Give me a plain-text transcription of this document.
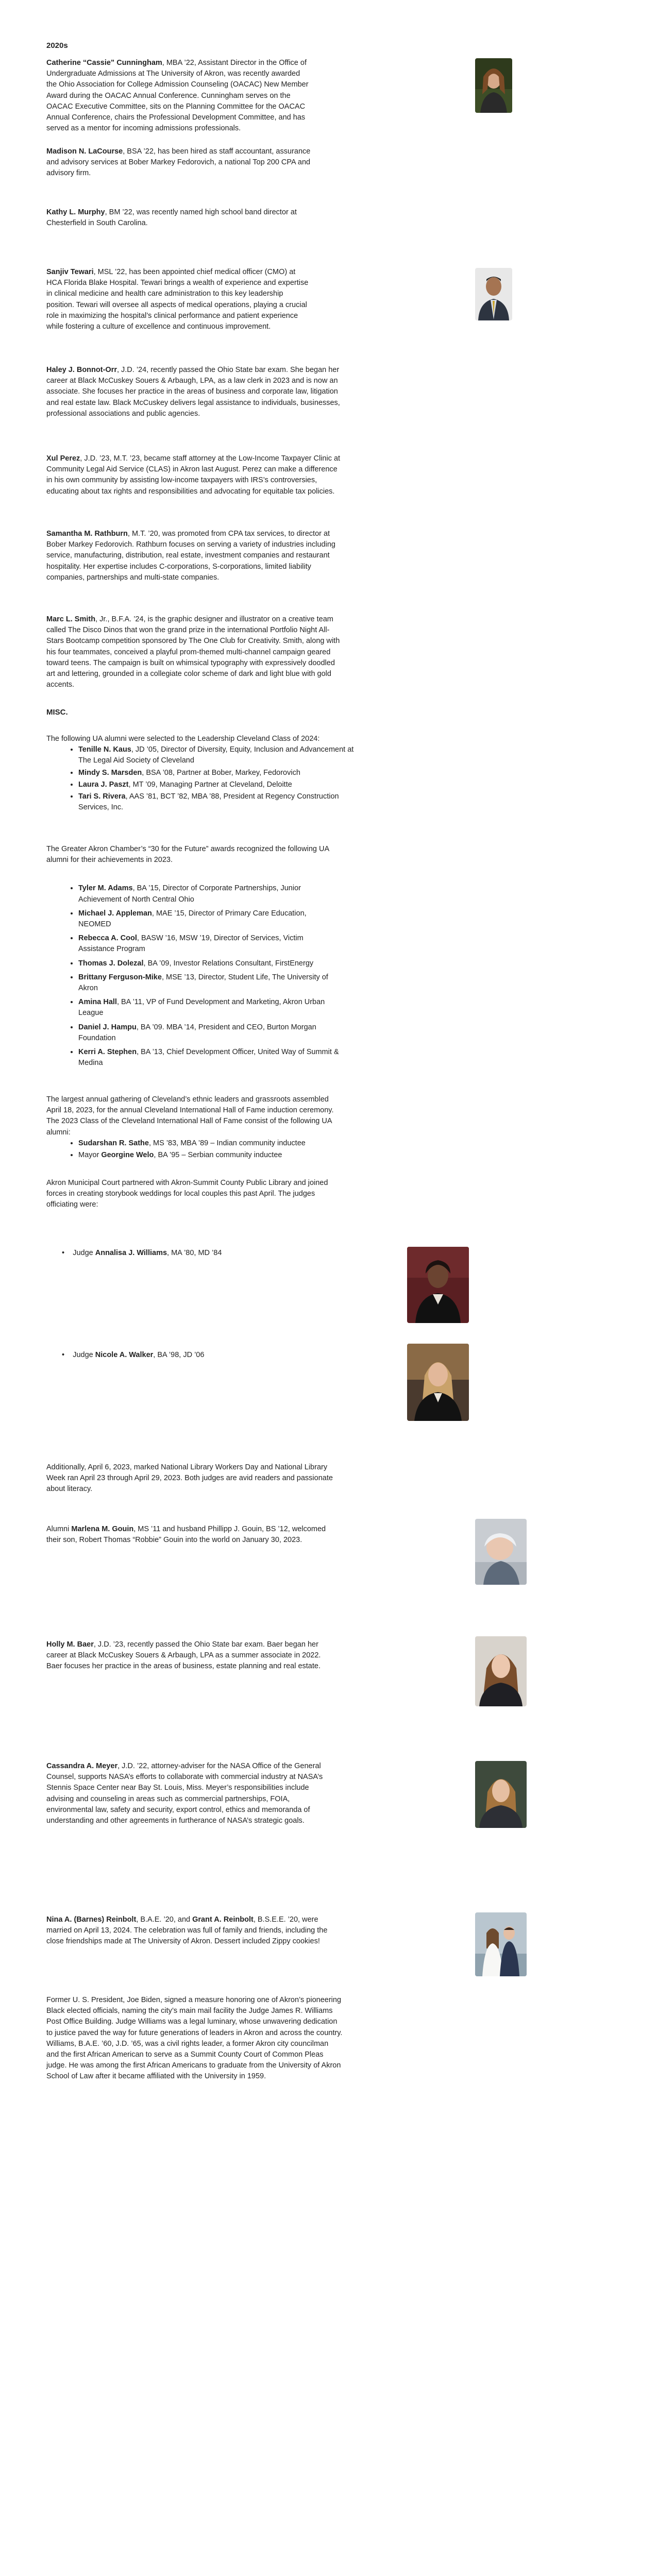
2020s

Catherine “Cassie” Cunningham, MBA ’22, Assistant Director in the Office of Undergraduate Admissions at The University of Akron, was recently awarded the Ohio Association for College Admission Counseling (OACAC) New Member Award during the OACAC Annual Conference. Cunningham serves on the OACAC Executive Committee, sits on the Planning Committee for the OACAC Annual Conference, chairs the Professional Development Committee, and has served as a mentor for incoming admissions professionals.

Madison N. LaCourse, BSA ’22, has been hired as staff accountant, assurance and advisory services at Bober Markey Fedorovich, a national Top 200 CPA and advisory firm.

Kathy L. Murphy, BM ’22, was recently named high school band director at Chesterfield in South Carolina.

Sanjiv Tewari, MSL ’22, has been appointed chief medical officer (CMO) at HCA Florida Blake Hospital. Tewari brings a wealth of experience and expertise in clinical medicine and health care administration to this key leadership position. Tewari will oversee all aspects of medical operations, playing a crucial role in maximizing the hospital’s clinical performance and patient experience while fostering a culture of excellence and continuous improvement.

Haley J. Bonnot-Orr, J.D. ’24, recently passed the Ohio State bar exam. She began her career at Black McCuskey Souers & Arbaugh, LPA, as a law clerk in 2023 and is now an associate. She focuses her practice in the areas of business and corporate law, litigation and real estate law. Black McCuskey delivers legal assistance to individuals, businesses, professional associations and public agencies.

Xul Perez, J.D. ’23, M.T. ’23, became staff attorney at the Low-Income Taxpayer Clinic at Community Legal Aid Service (CLAS) in Akron last August. Perez can make a difference in his own community by assisting low-income taxpayers with IRS’s controversies, educating about tax rights and responsibilities and advocating for equitable tax policies.

Samantha M. Rathburn, M.T. ’20, was promoted from CPA tax services, to director at Bober Markey Fedorovich. Rathburn focuses on serving a variety of industries including service, manufacturing, distribution, real estate, investment companies and restaurant hospitality. Her expertise includes C-corporations, S-corporations, limited liability companies, partnerships and multi-state companies.

Marc L. Smith, Jr., B.F.A. ’24, is the graphic designer and illustrator on a creative team called The Disco Dinos that won the grand prize in the international Portfolio Night All-Stars Bootcamp competition sponsored by The One Club for Creativity. Smith, along with his four teammates, conceived a playful prom-themed multi-channel campaign geared toward teens. The campaign is built on whimsical typography with expressively doodled art and lettering, grounded in a collegiate color scheme of dark and light blue with gold accents.

MISC.

The following UA alumni were selected to the Leadership Cleveland Class of 2024:
• Tenille N. Kaus, JD ’05, Director of Diversity, Equity, Inclusion and Advancement at The Legal Aid Society of Cleveland
• Mindy S. Marsden, BSA ’08, Partner at Bober, Markey, Fedorovich
• Laura J. Paszt, MT ’09, Managing Partner at Cleveland, Deloitte
• Tari S. Rivera, AAS ’81, BCT ’82, MBA ’88, President at Regency Construction Services, Inc.
The Greater Akron Chamber’s “30 for the Future” awards recognized the following UA alumni for their achievements in 2023.
• Tyler M. Adams, BA ’15, Director of Corporate Partnerships, Junior Achievement of North Central Ohio
• Michael J. Appleman, MAE ’15, Director of Primary Care Education, NEOMED
• Rebecca A. Cool, BASW ’16, MSW ’19, Director of Services, Victim Assistance Program
• Thomas J. Dolezal, BA ’09, Investor Relations Consultant, FirstEnergy
• Brittany Ferguson-Mike, MSE ’13, Director, Student Life, The University of Akron
• Amina Hall, BA ’11, VP of Fund Development and Marketing, Akron Urban League
• Daniel J. Hampu, BA ’09. MBA ’14, President and CEO, Burton Morgan Foundation
• Kerri A. Stephen, BA ’13, Chief Development Officer, United Way of Summit & Medina
The largest annual gathering of Cleveland’s ethnic leaders and grassroots assembled April 18, 2023, for the annual Cleveland International Hall of Fame induction ceremony. The 2023 Class of the Cleveland International Hall of Fame consist of the following UA alumni:
• Sudarshan R. Sathe, MS ’83, MBA ’89 – Indian community inductee
• Mayor Georgine Welo, BA ’95 – Serbian community inductee

Akron Municipal Court partnered with Akron-Summit County Public Library and joined forces in creating storybook weddings for local couples this past April. The judges officiating were:

•    Judge Annalisa J. Williams, MA ’80, MD ’84
•    Judge Nicole A. Walker, BA ’98, JD ’06

Additionally, April 6, 2023, marked National Library Workers Day and National Library Week ran April 23 through April 29, 2023. Both judges are avid readers and passionate about literacy.

Alumni Marlena M. Gouin, MS ’11 and husband Phillipp J. Gouin, BS ’12, welcomed their son, Robert Thomas “Robbie” Gouin into the world on January 30, 2023.

Holly M. Baer, J.D. ’23, recently passed the Ohio State bar exam. Baer began her career at Black McCuskey Souers & Arbaugh, LPA as a summer associate in 2022. Baer focuses her practice in the areas of business, estate planning and real estate.

Cassandra A. Meyer, J.D. ’22, attorney-adviser for the NASA Office of the General Counsel, supports NASA’s efforts to collaborate with commercial industry at NASA’s Stennis Space Center near Bay St. Louis, Miss. Meyer’s responsibilities include advising and counseling in areas such as commercial partnerships, FOIA, environmental law, safety and security, export control, ethics and memoranda of understanding and other agreements in furtherance of NASA’s strategic goals.

Nina A. (Barnes) Reinbolt, B.A.E. ’20, and Grant A. Reinbolt, B.S.E.E. ’20, were married on April 13, 2024. The celebration was full of family and friends, including the close friendships made at The University of Akron. Dessert included Zippy cookies!

Former U. S. President, Joe Biden, signed a measure honoring one of Akron’s pioneering Black elected officials, naming the city’s main mail facility the Judge James R. Williams Post Office Building. Judge Williams was a legal luminary, whose unwavering dedication to justice paved the way for future generations of leaders in Akron and across the country. Williams, B.A.E. ’60, J.D. ’65, was a civil rights leader, a former Akron city councilman and the first African American to serve as a Summit County Court of Common Pleas judge. He was among the first African Americans to graduate from the University of Akron School of Law after it became affiliated with the University in 1959.
